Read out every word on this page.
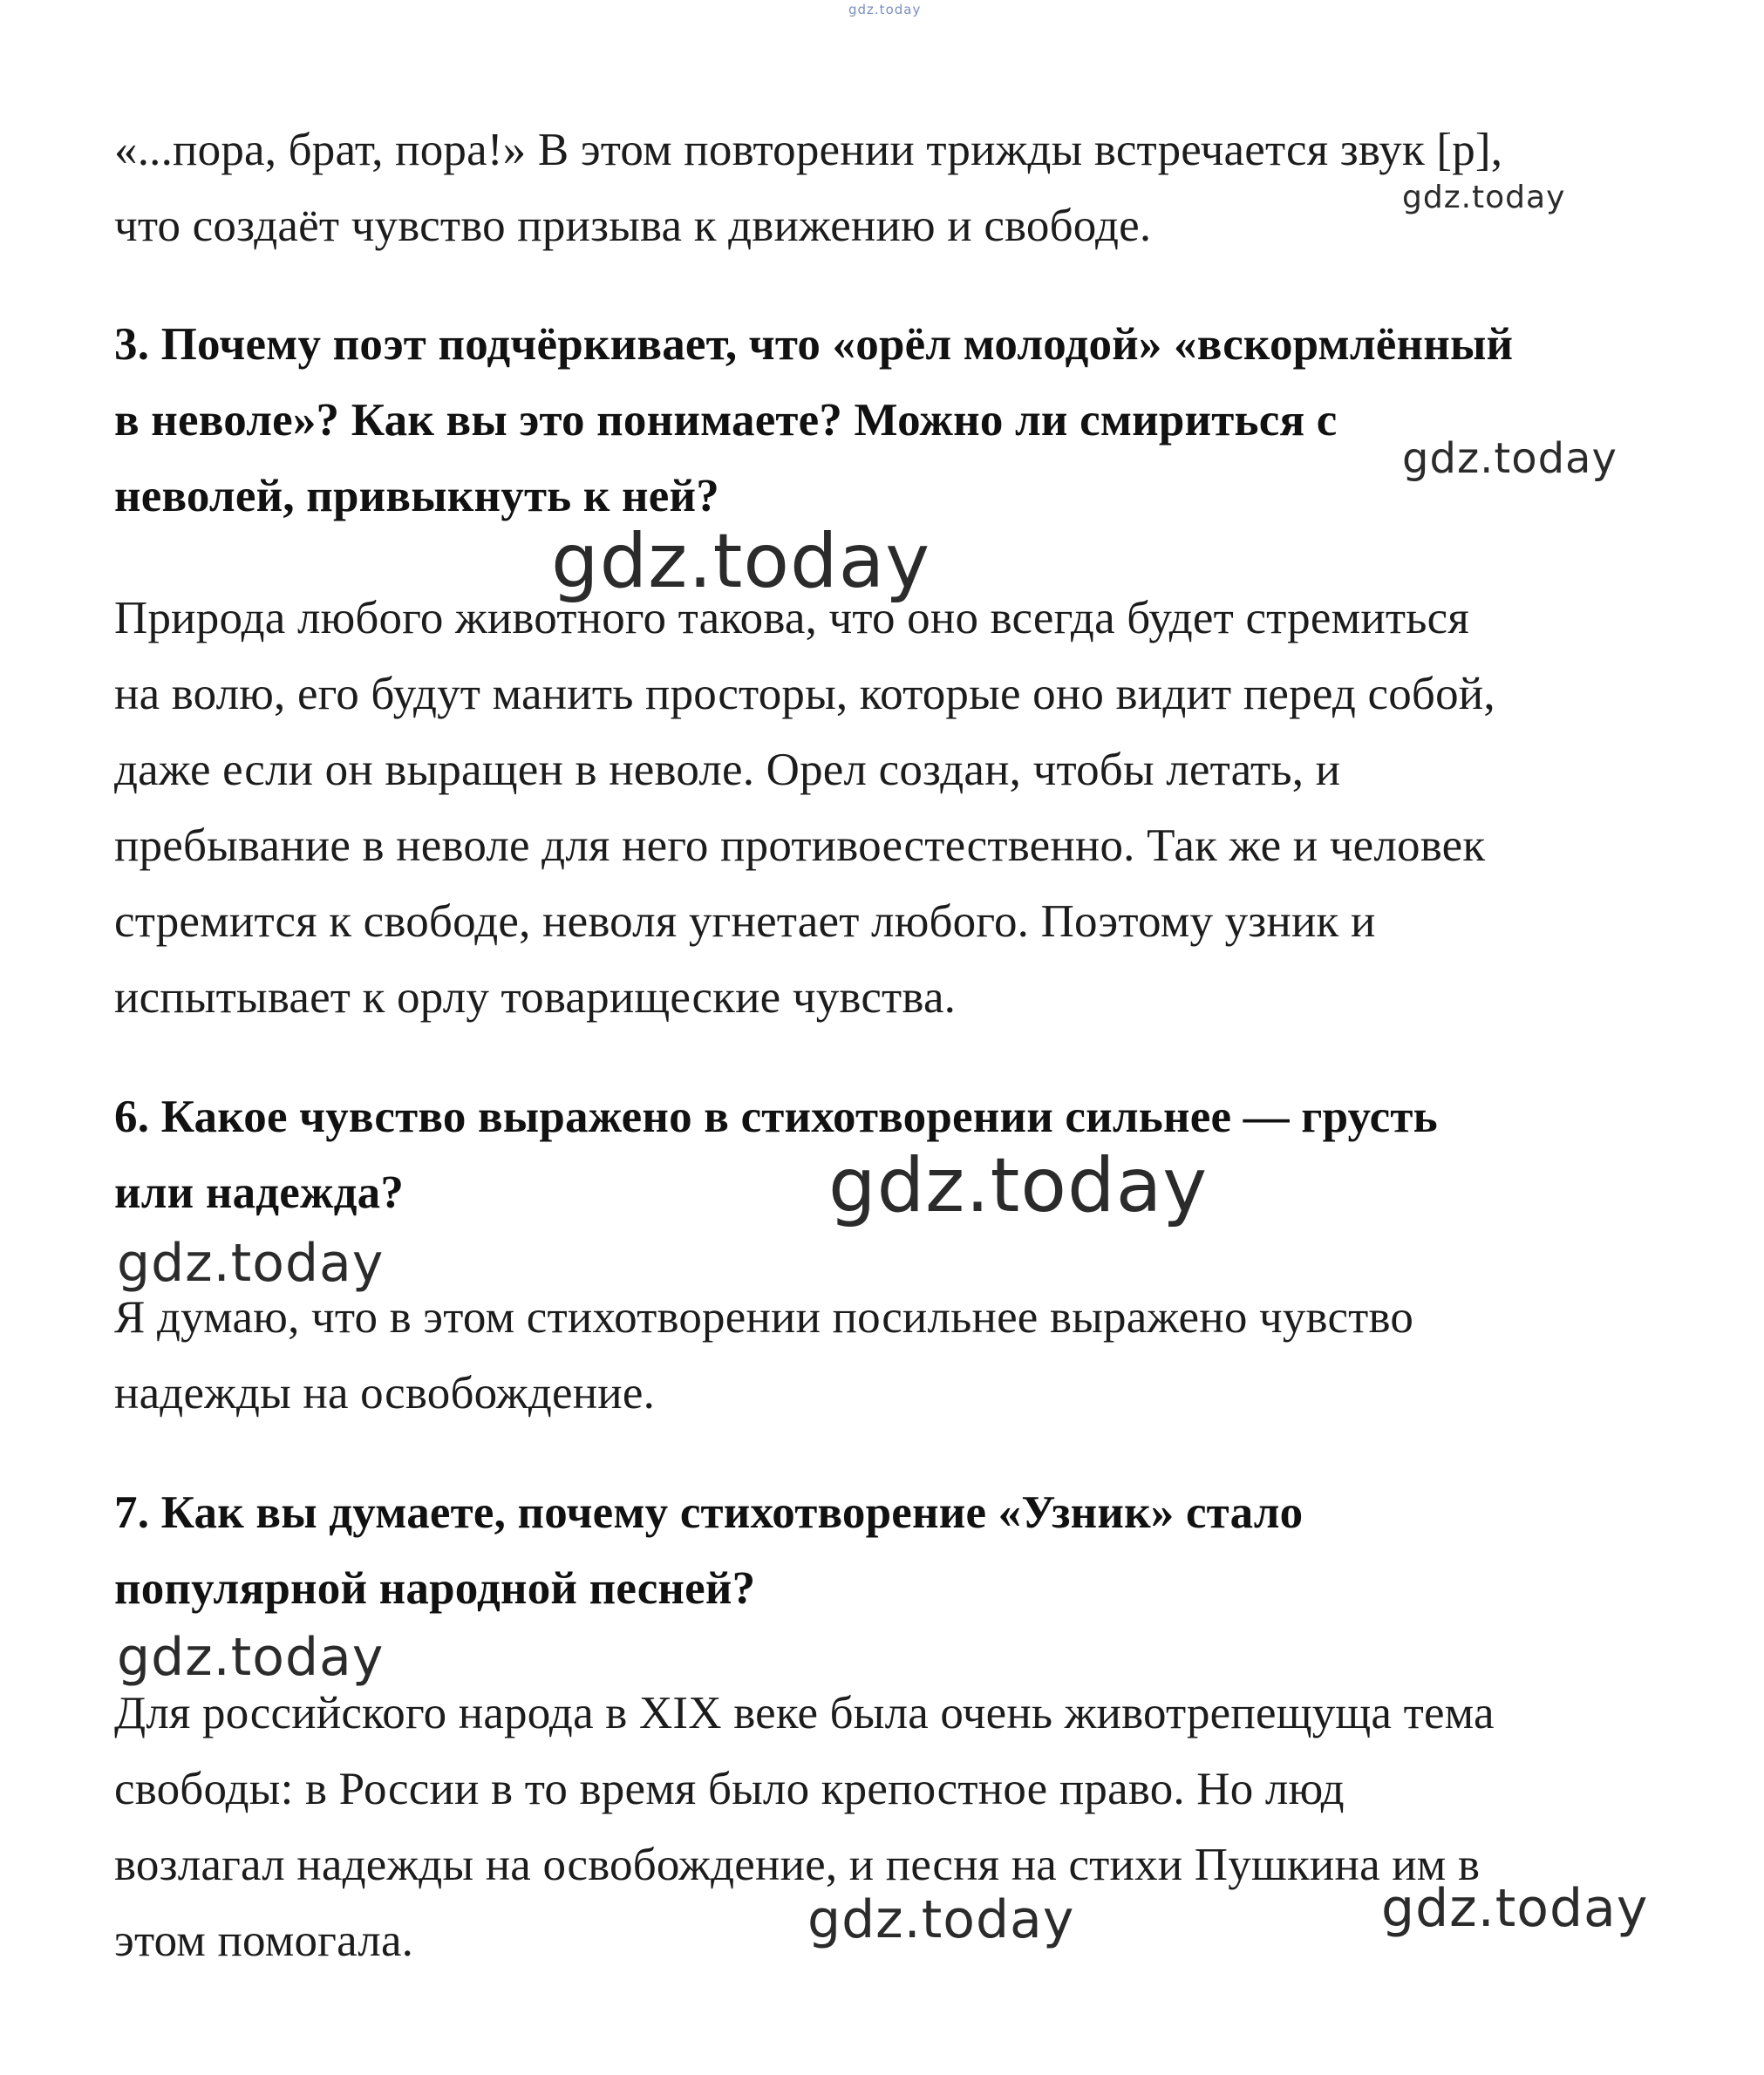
gdz.today
«...пора, брат, пора!» В этом повторении трижды встречается звук [р],
что создаёт чувство призыва к движению и свободе.
3. Почему поэт подчёркивает, что «орёл молодой» «вскормлённый
в неволе»? Как вы это понимаете? Можно ли смириться с
неволей, привыкнуть к ней?
Природа любого животного такова, что оно всегда будет стремиться
на волю, его будут манить просторы, которые оно видит перед собой,
даже если он выращен в неволе. Орел создан, чтобы летать, и
пребывание в неволе для него противоестественно. Так же и человек
стремится к свободе, неволя угнетает любого. Поэтому узник и
испытывает к орлу товарищеские чувства.
6. Какое чувство выражено в стихотворении сильнее — грусть
или надежда?
Я думаю, что в этом стихотворении посильнее выражено чувство
надежды на освобождение.
7. Как вы думаете, почему стихотворение «Узник» стало
популярной народной песней?
Для российского народа в XIX веке была очень животрепещуща тема
свободы: в России в то время было крепостное право. Но люд
возлагал надежды на освобождение, и песня на стихи Пушкина им в
этом помогала.
gdz.today
gdz.today
gdz.today
gdz.today
gdz.today
gdz.today
gdz.today	gdz.today
